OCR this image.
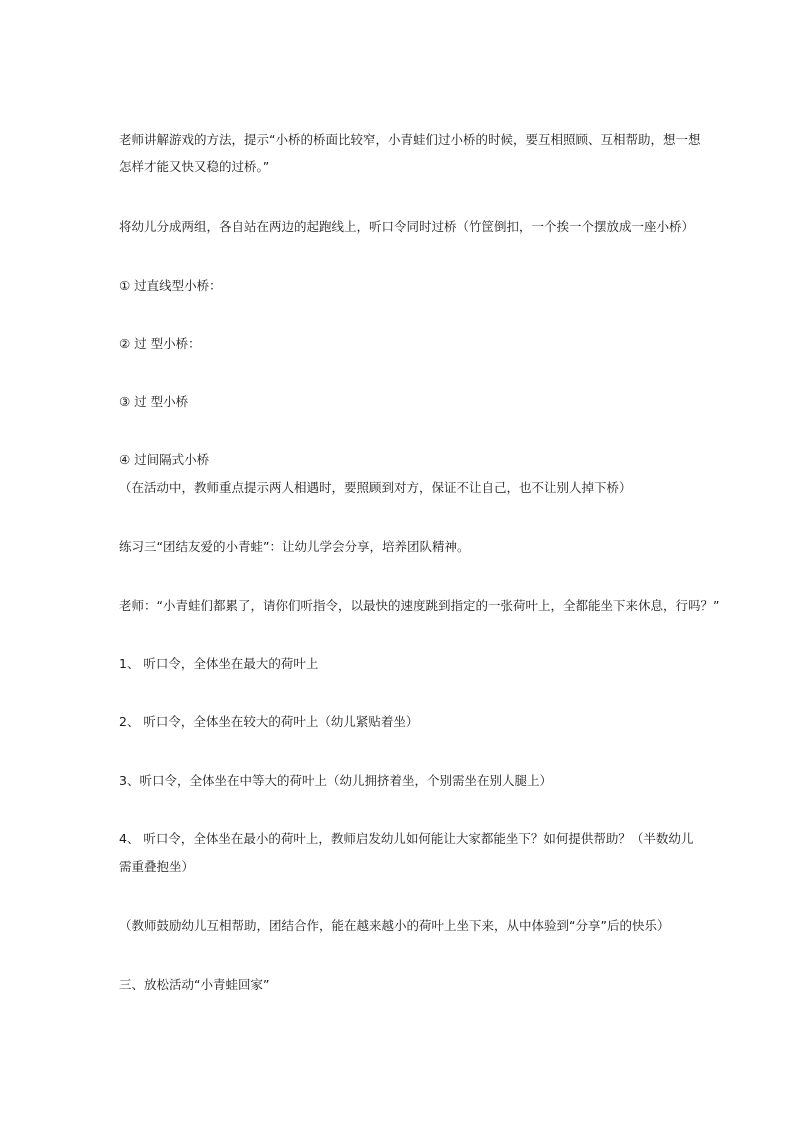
老师讲解游戏的方法，提示“小桥的桥面比较窄，小青蛙们过小桥的时候，要互相照顾、互相帮助，想一想
怎样才能又快又稳的过桥。”
将幼儿分成两组，各自站在两边的起跑线上，听口令同时过桥（竹筐倒扣，一个挨一个摆放成一座小桥）
① 过直线型小桥：
② 过 型小桥：
③ 过 型小桥
④ 过间隔式小桥
（在活动中，教师重点提示两人相遇时，要照顾到对方，保证不让自己，也不让别人掉下桥）
练习三“团结友爱的小青蛙”：让幼儿学会分享，培养团队精神。
老师：“小青蛙们都累了，请你们听指令，以最快的速度跳到指定的一张荷叶上，全都能坐下来休息，行吗？”
1、 听口令，全体坐在最大的荷叶上
2、 听口令，全体坐在较大的荷叶上（幼儿紧贴着坐）
3、听口令，全体坐在中等大的荷叶上（幼儿拥挤着坐，个别需坐在别人腿上）
4、 听口令，全体坐在最小的荷叶上，教师启发幼儿如何能让大家都能坐下？如何提供帮助？（半数幼儿
需重叠抱坐）
（教师鼓励幼儿互相帮助，团结合作，能在越来越小的荷叶上坐下来，从中体验到“分享”后的快乐）
三、放松活动“小青蛙回家”
